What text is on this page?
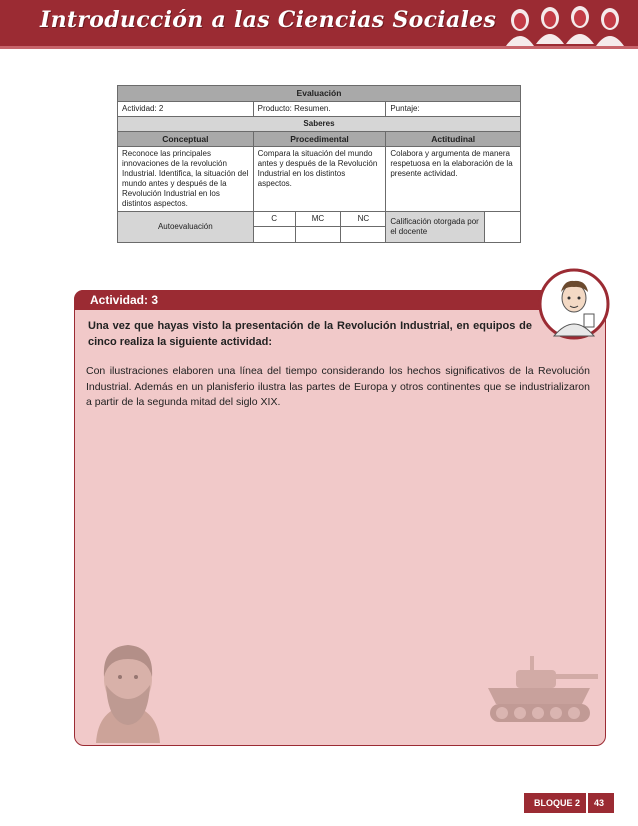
Introducción a las Ciencias Sociales
Evaluación					
Actividad: 2	Producto: Resumen.			Puntaje:	
Saberes					
Conceptual	Procedimental			Actitudinal	
Reconoce las principales innovaciones de la revolución Industrial. Identifica, la situación del mundo antes y después de la Revolución Industrial en los distintos aspectos.	Compara la situación del mundo antes y después de la Revolución Industrial en los distintos aspectos.			Colabora y argumenta de manera respetuosa en la elaboración de la presente actividad.	
Autoevaluación	C	MC	NC	Calificación otorgada por el docente	

Actividad: 3

Una vez que hayas visto la presentación de la Revolución Industrial, en equipos de cinco realiza la siguiente actividad:

Con ilustraciones elaboren una línea del tiempo considerando los hechos significativos de la Revolución Industrial. Además en un planisferio ilustra las partes de Europa y otros continentes que se industrializaron a partir de la segunda mitad del siglo XIX.

BLOQUE 2 43
